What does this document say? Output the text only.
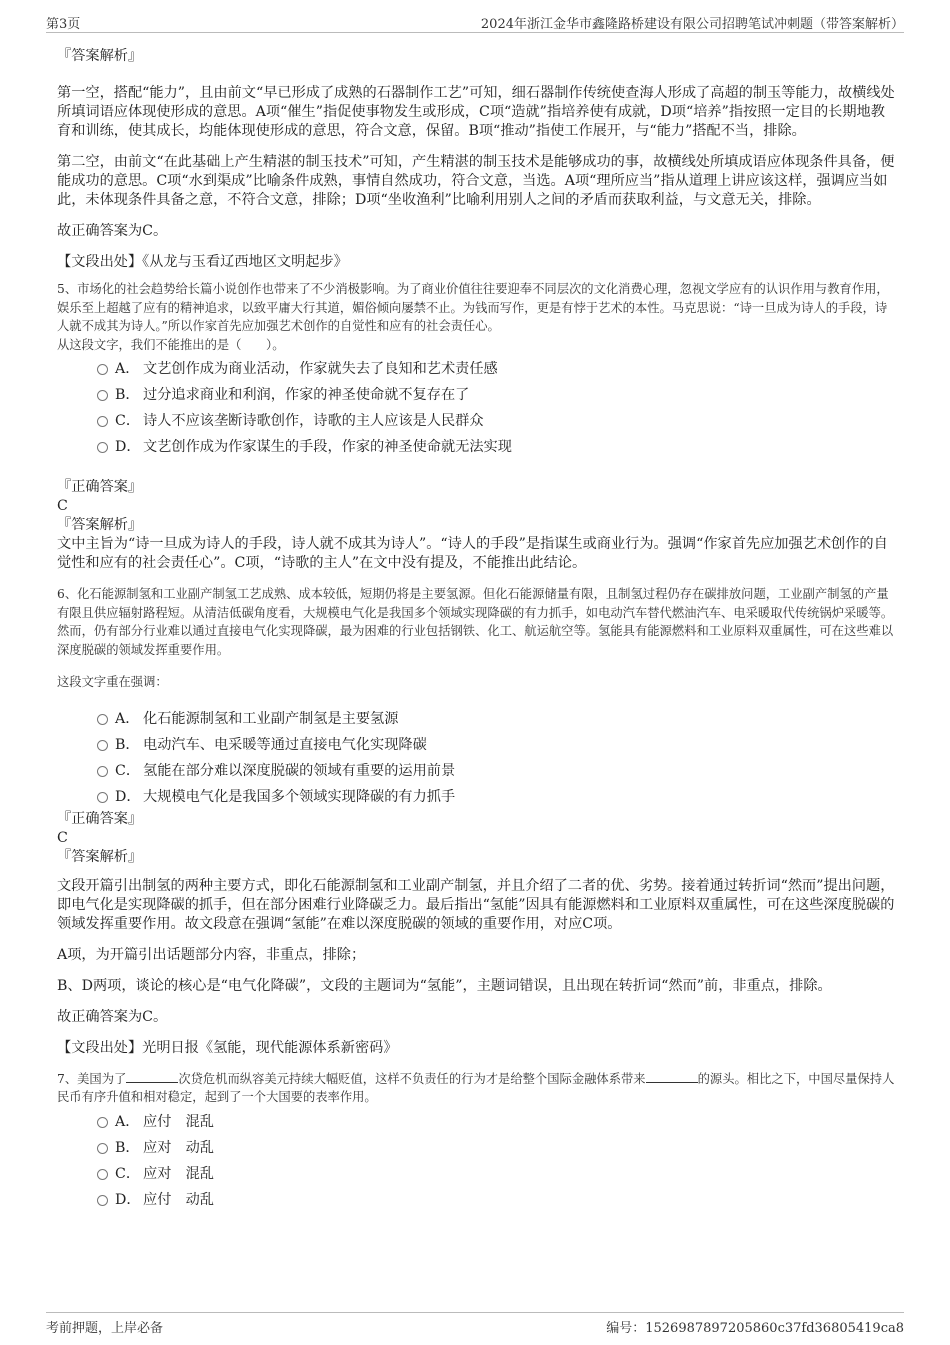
第3页	2024年浙江金华市鑫隆路桥建设有限公司招聘笔试冲刺题（带答案解析）

『答案解析』

第一空，搭配“能力”，且由前文“早已形成了成熟的石器制作工艺”可知，细石器制作传统使查海人形成了高超的制玉等能力，故横线处所填词语应体现使形成的意思。A项“催生”指促使事物发生或形成，C项“造就”指培养使有成就，D项“培养”指按照一定目的长期地教育和训练，使其成长，均能体现使形成的意思，符合文意，保留。B项“推动”指使工作展开，与“能力”搭配不当，排除。

第二空，由前文“在此基础上产生精湛的制玉技术”可知，产生精湛的制玉技术是能够成功的事，故横线处所填成语应体现条件具备，便能成功的意思。C项“水到渠成”比喻条件成熟，事情自然成功，符合文意，当选。A项“理所应当”指从道理上讲应该这样，强调应当如此，未体现条件具备之意，不符合文意，排除；D项“坐收渔利”比喻利用别人之间的矛盾而获取利益，与文意无关，排除。

故正确答案为C。

【文段出处】《从龙与玉看辽西地区文明起步》

5、市场化的社会趋势给长篇小说创作也带来了不少消极影响。为了商业价值往往要迎奉不同层次的文化消费心理，忽视文学应有的认识作用与教育作用，娱乐至上超越了应有的精神追求，以致平庸大行其道，媚俗倾向屡禁不止。为钱而写作，更是有悖于艺术的本性。马克思说：“诗一旦成为诗人的手段，诗人就不成其为诗人。”所以作家首先应加强艺术创作的自觉性和应有的社会责任心。

从这段文字，我们不能推出的是（　　）。

A． 文艺创作成为商业活动，作家就失去了良知和艺术责任感
B． 过分追求商业和利润，作家的神圣使命就不复存在了
C． 诗人不应该垄断诗歌创作，诗歌的主人应该是人民群众
D． 文艺创作成为作家谋生的手段，作家的神圣使命就无法实现

『正确答案』

C

『答案解析』

文中主旨为“诗一旦成为诗人的手段，诗人就不成其为诗人”。“诗人的手段”是指谋生或商业行为。强调“作家首先应加强艺术创作的自觉性和应有的社会责任心”。C项，“诗歌的主人”在文中没有提及，不能推出此结论。

6、化石能源制氢和工业副产制氢工艺成熟、成本较低，短期仍将是主要氢源。但化石能源储量有限，且制氢过程仍存在碳排放问题，工业副产制氢的产量有限且供应辐射路程短。从清洁低碳角度看，大规模电气化是我国多个领域实现降碳的有力抓手，如电动汽车替代燃油汽车、电采暖取代传统锅炉采暖等。然而，仍有部分行业难以通过直接电气化实现降碳，最为困难的行业包括钢铁、化工、航运航空等。氢能具有能源燃料和工业原料双重属性，可在这些难以深度脱碳的领域发挥重要作用。

这段文字重在强调：

A． 化石能源制氢和工业副产制氢是主要氢源
B． 电动汽车、电采暖等通过直接电气化实现降碳
C． 氢能在部分难以深度脱碳的领域有重要的运用前景
D． 大规模电气化是我国多个领域实现降碳的有力抓手

『正确答案』

C

『答案解析』

文段开篇引出制氢的两种主要方式，即化石能源制氢和工业副产制氢，并且介绍了二者的优、劣势。接着通过转折词“然而”提出问题，即电气化是实现降碳的抓手，但在部分困难行业降碳乏力。最后指出“氢能”因具有能源燃料和工业原料双重属性，可在这些深度脱碳的领域发挥重要作用。故文段意在强调“氢能”在难以深度脱碳的领域的重要作用，对应C项。

A项，为开篇引出话题部分内容，非重点，排除；

B、D两项，谈论的核心是“电气化降碳”，文段的主题词为“氢能”，主题词错误，且出现在转折词“然而”前，非重点，排除。

故正确答案为C。

【文段出处】光明日报《氢能，现代能源体系新密码》

7、美国为了	次贷危机而纵容美元持续大幅贬值，这样不负责任的行为才是给整个国际金融体系带来	的源头。相比之下，中国尽量保持人民币有序升值和相对稳定，起到了一个大国要的表率作用。

A． 应付　混乱
B． 应对　动乱
C． 应对　混乱
D． 应付　动乱
考前押题，上岸必备	编号：1526987897205860c37fd36805419ca8
